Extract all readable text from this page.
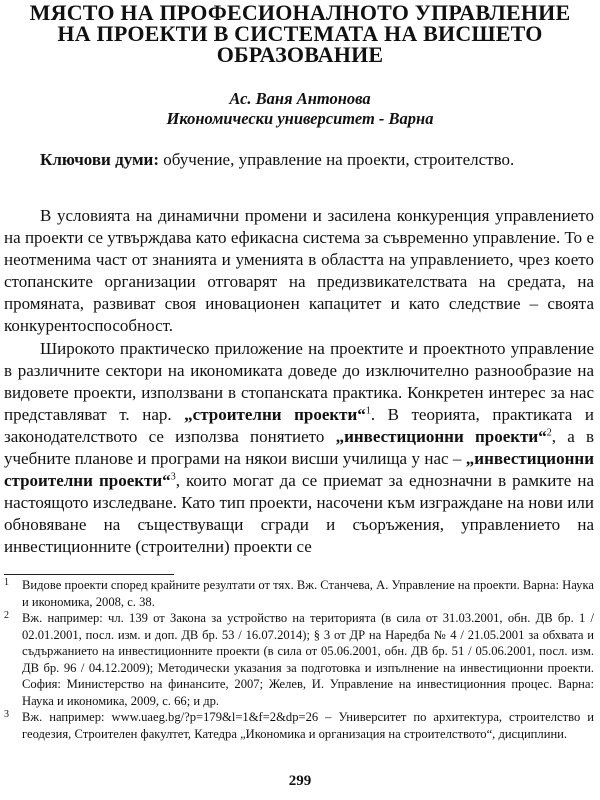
МЯСТО НА ПРОФЕСИОНАЛНОТО УПРАВЛЕНИЕ
НА ПРОЕКТИ В СИСТЕМАТА НА ВИСШЕТО
ОБРАЗОВАНИЕ
Ас. Ваня Антонова
Икономически университет - Варна
Ключови думи: обучение, управление на проекти, строителство.

В условията на динамични промени и засилена конкуренция управлението на проекти се утвърждава като ефикасна система за съвременно управление. То е неотменима част от знанията и уменията в областта на управлението, чрез което стопанските организации отговарят на предизвикателствата на средата, на промяната, развиват своя иновационен капацитет и като следствие – своята конкурентоспособност.

Широкото практическо приложение на проектите и проектното управление в различните сектори на икономиката доведе до изключително разнообразие на видовете проекти, използвани в стопанската практика. Конкретен интерес за нас представляват т. нар. „строителни проекти“$^1$. В теорията, практиката и законодателството се използва понятието „инвестиционни проекти“$^2$, а в учебните планове и програми на някои висши училища у нас – „инвестиционни строителни проекти“$^3$, които могат да се приемат за еднозначни в рамките на настоящото изследване. Като тип проекти, насочени към изграждане на нови или обновяване на съществуващи сгради и съоръжения, управлението на инвестиционните (строителни) проекти се

1 Видове проекти според крайните резултати от тях. Вж. Станчева, А. Управление на проекти. Варна: Наука и икономика, 2008, с. 38.
2 Вж. например: чл. 139 от Закона за устройство на територията (в сила от 31.03.2001, обн. ДВ бр. 1 / 02.01.2001, посл. изм. и доп. ДВ бр. 53 / 16.07.2014); § 3 от ДР на Наредба № 4 / 21.05.2001 за обхвата и съдържанието на инвестиционните проекти (в сила от 05.06.2001, обн. ДВ бр. 51 / 05.06.2001, посл. изм. ДВ бр. 96 / 04.12.2009); Методически указания за подготовка и изпълнение на инвестиционни проекти. София: Министерство на финансите, 2007; Желев, И. Управление на инвестиционния процес. Варна: Наука и икономика, 2009, с. 66; и др.
3 Вж. например: www.uaeg.bg/?p=179&l=1&f=2&dp=26 – Университет по архитектура, строителство и геодезия, Строителен факултет, Катедра „Икономика и организация на строителството“, дисциплини.
299
